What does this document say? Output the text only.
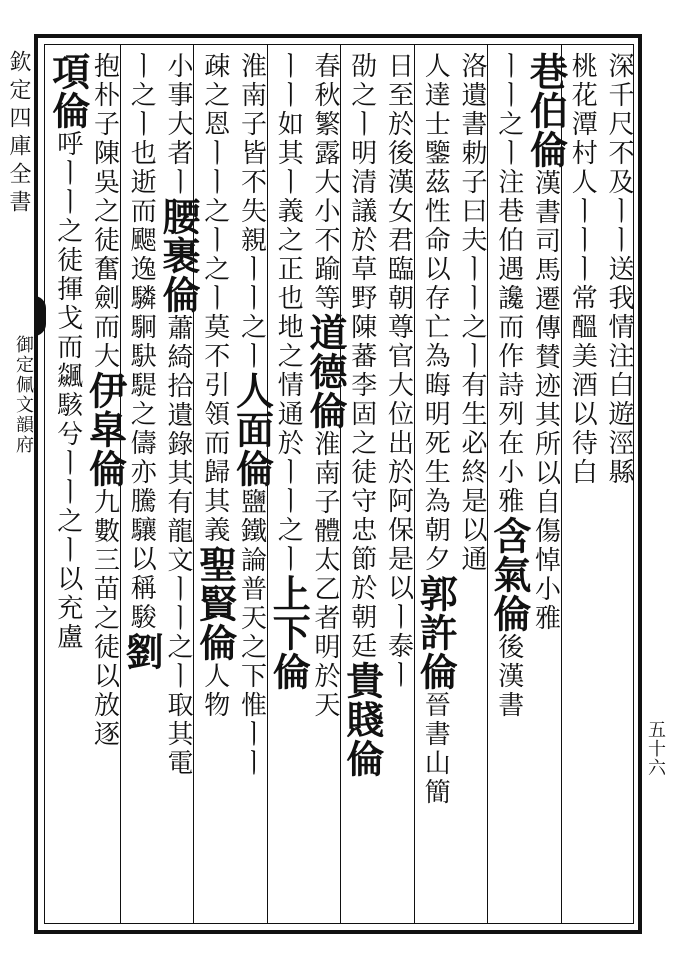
欽定四庫全書
御定佩文韻府
五十六
深千尺不及ㅣㅣ送我情注白遊涇縣
桃花潭村人ㅣㅣㅣ常醞美酒以待白
巷伯倫漢書司馬遷傳賛迹其所以自傷悼小雅
ㅣㅣ之ㅣ注巷伯遇讒而作詩列在小雅含氣倫後漢書
洛遺書勅子曰夫ㅣㅣ之ㅣ有生必終是以通
人達士鑒茲性命以存亡為晦明死生為朝夕郭許倫晉書山簡
日至於後漢女君臨朝尊官大位出於阿保是以ㅣ泰ㅣ
劭之ㅣ明清議於草野陳蕃李固之徒守忠節於朝廷貴賤倫
春秋繁露大小不踰等道德倫淮南子體太乙者明於天
ㅣㅣ如其ㅣ義之正也地之情通於ㅣㅣ之ㅣ上下倫
淮南子皆不失親ㅣㅣ之ㅣ人面倫鹽鐵論普天之下惟ㅣㅣ
疎之恩ㅣㅣ之ㅣ之ㅣ莫不引領而歸其義聖賢倫人物
小事大者ㅣ腰裹倫蕭綺拾遺錄其有龍文ㅣㅣ之ㅣ取其電
ㅣ之ㅣ也逝而颸逸驎駉駃騠之儔亦騰驤以稱駿劉
抱朴子陳吳之徒奮劍而大伊皐倫九數三苗之徒以放逐
項倫呼ㅣㅣ之徒揮戈而飊駭兮ㅣㅣ之ㅣ以充盧
